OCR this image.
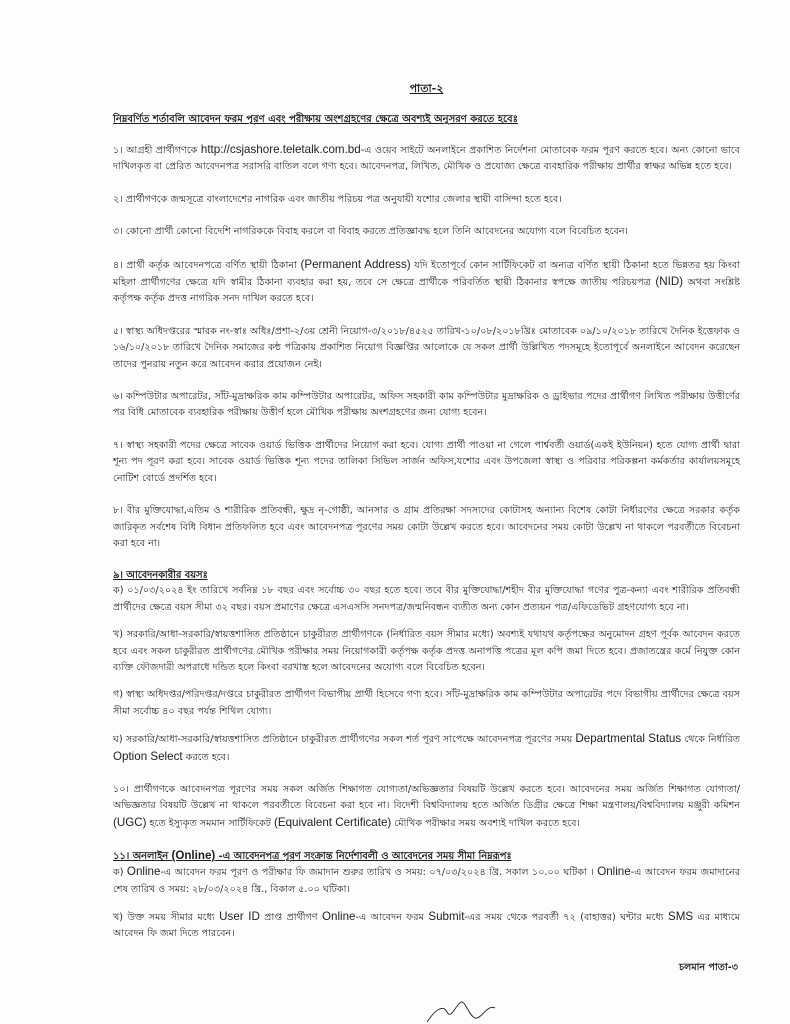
পাতা-২
নিম্নবর্ণিত শর্তাবলি আবেদন ফরম পূরণ এবং পরীক্ষায় অংশগ্রহণের ক্ষেত্রে অবশ্যই অনুসরণ করতে হবেঃ

১। আগ্রহী প্রার্থীগণকে http://csjashore.teletalk.com.bd-এ ওয়েব সাইটে অনলাইনে প্রকাশিত নির্দেশনা মোতাবেক ফরম পূরণ করতে হবে। অন্য কোনো ভাবে দাখিলকৃত বা প্রেরিত আবেদনপত্র সরাসরি বাতিল বলে গণ্য হবে। আবেদনপত্র, লিখিত, মৌখিক ও প্রযোজ্য ক্ষেত্রে ব্যবহারিক পরীক্ষায় প্রার্থীর স্বাক্ষর অভিন্ন হতে হবে।

২। প্রার্থীগণকে জন্মসূত্রে বাংলাদেশের নাগরিক এবং জাতীয় পরিচয় পত্র অনুযায়ী যশোর জেলার স্থায়ী বাসিন্দা হতে হবে।

৩। কোনো প্রার্থী কোনো বিদেশি নাগরিককে বিবাহ করলে বা বিবাহ করতে প্রতিজ্ঞাবদ্ধ হলে তিনি আবেদনের অযোগ্য বলে বিবেচিত হবেন।

৪। প্রার্থী কর্তৃক আবেদনপত্রে বর্ণিত স্থায়ী ঠিকানা (Permanent Address) যদি ইতোপূর্বে কোন সার্টিফিকেট বা অন্যত্র বর্ণিত স্থায়ী ঠিকানা হতে ভিন্নতর হয় কিংবা মহিলা প্রার্থীগণের ক্ষেত্রে যদি স্বামীর ঠিকানা ব্যবহার করা হয়, তবে সে ক্ষেত্রে প্রার্থীকে পরিবর্তিত স্থায়ী ঠিকানার স্বপক্ষে জাতীয় পরিচয়পত্র (NID) অথবা সংশ্লিষ্ট কর্তৃপক্ষ কর্তৃক প্রদত্ত নাগরিক সনদ দাখিল করতে হবে।

৫। স্বাস্থ্য অধিদপ্তরের স্মারক নং-স্বাঃ অধিঃ/প্রশা-২/৩য় শ্রেনী নিয়োগ-৩/২০১৮/৪৫২৫ তারিখ-১০/০৮/২০১৮খ্রিঃ মোতাবেক ০৯/১০/২০১৮ তারিখে দৈনিক ইত্তেফাক ও ১৬/১০/২০১৮ তারিখে দৈনিক সমাজের কন্ঠ পত্রিকায় প্রকাশিত নিয়োগ বিজ্ঞপ্তির আলোকে যে সকল প্রার্থী উল্লিখিত পদসমূহে ইতোপূর্বে অনলাইনে আবেদন করেছেন তাদের পুনরায় নতুন করে আবেদন করার প্রয়োজন নেই।

৬। কম্পিউটার অপারেটর, সাঁট-মুদ্রাক্ষরিক কাম কম্পিউটার অপারেটর, অফিস সহকারী কাম কম্পিউটার মুদ্রাক্ষরিক ও ড্রাইভার পদের প্রার্থীগণ লিখিত পরীক্ষায় উত্তীর্ণের পর বিধি মোতাবেক ব্যবহারিক পরীক্ষায় উত্তীর্ণ হলে মৌখিক পরীক্ষায় অংশগ্রহণের জন্য যোগ্য হবেন।

৭। স্বাস্থ্য সহকারী পদের ক্ষেত্রে সাবেক ওয়ার্ড ভিত্তিক প্রার্থীদের নিয়োগ করা হবে। যোগ্য প্রার্থী পাওয়া না গেলে পার্শ্ববর্তী ওয়ার্ড(একই ইউনিয়ন) হতে যোগ্য প্রার্থী দ্বারা শূন্য পদ পূরণ করা হবে। সাবেক ওয়ার্ড ভিত্তিক শূন্য পদের তালিকা সিভিল সার্জন অফিস,যশোর এবং উপজেলা স্বাস্থ্য ও পরিবার পরিকল্পনা কর্মকর্তার কার্যালয়সমূহে নোটিশ বোর্ডে প্রদর্শিত হবে।

৮। বীর মুক্তিযোদ্ধা,এতিম ও শারীরিক প্রতিবন্ধী, ক্ষুদ্র নৃ-গোষ্ঠী, আনসার ও গ্রাম প্রতিরক্ষা সদস্যদের কোটাসহ অন্যান্য বিশেষ কোটা নির্ধারণের ক্ষেত্রে সরকার কর্তৃক জারিকৃত সর্বশেষ বিধি বিধান প্রতিফলিত হবে এবং আবেদনপত্র পূরণের সময় কোটা উল্লেখ করতে হবে। আবেদনের সময় কোটা উল্লেখ না থাকলে পরবর্তীতে বিবেচনা করা হবে না।

৯। আবেদনকারীর বয়সঃ

ক) ০১/০৩/২০২৪ ইং তারিখে সর্বনিম্ন ১৮ বছর এবং সর্বোচ্চ ৩০ বছর হতে হবে। তবে বীর মুক্তিযোদ্ধা/শহীদ বীর মুক্তিযোদ্ধা গণের পুত্র-কন্যা এবং শারীরিক প্রতিবন্ধী প্রার্থীদের ক্ষেত্রে বয়স সীমা ৩২ বছর। বয়স প্রমাণের ক্ষেত্রে এসএসসি সনদপত্র/জন্মনিবন্ধন ব্যতীত অন্য কোন প্রত্যয়ন পত্র/এফিডেভিট গ্রহণযোগ্য হবে না।

খ) সরকারি/আধা-সরকারি/স্বায়ত্তশাসিত প্রতিষ্ঠানে চাকুরীরত প্রার্থীগণকে (নির্ধারিত বয়স সীমার মধ্যে) অবশ্যই যথাযথ কর্তৃপক্ষের অনুমোদন গ্রহণ পূর্বক আবেদন করতে হবে এবং সকল চাকুরীরত প্রার্থীগণের মৌখিক পরীক্ষার সময় নিয়োগকারী কর্তৃপক্ষ কর্তৃক প্রদত্ত অনাপত্তি পত্রের মূল কপি জমা দিতে হবে। প্রজাতন্ত্রের কর্মে নিযুক্ত কোন ব্যক্তি ফৌজদারী অপরাধে দন্ডিত হলে কিংবা বরখাস্ত হলে আবেদনের অযোগ্য বলে বিবেচিত হবেন।

গ) স্বাস্থ্য অধিদপ্তর/পরিদপ্তর/দপ্তরে চাকুরীরত প্রার্থীগণ বিভাগীয় প্রার্থী হিসেবে গণ্য হবে। সাঁট-মুদ্রাক্ষরিক কাম কম্পিউটার অপারেটর পদে বিভাগীয় প্রার্থীদের ক্ষেত্রে বয়স সীমা সর্বোচ্চ ৪০ বছর পর্যন্ত শিথিল যোগ্য।

ঘ) সরকারি/আধা-সরকারি/স্বায়ত্তশাসিত প্রতিষ্ঠানে চাকুরীরত প্রার্থীগণের সকল শর্ত পূরণ সাপেক্ষে আবেদনপত্র পূরণের সময় Departmental Status থেকে নির্ধারিত Option Select করতে হবে।

১০। প্রার্থীগণকে আবেদনপত্র পূরণের সময় সকল অর্জিত শিক্ষাগত যোগ্যতা/অভিজ্ঞতার বিষয়টি উল্লেখ করতে হবে। আবেদনের সময় অর্জিত শিক্ষাগত যোগ্যতা/অভিজ্ঞতার বিষয়টি উল্লেখ না থাকলে পরবর্তীতে বিবেচনা করা হবে না। বিদেশী বিশ্ববিদ্যালয় হতে অর্জিত ডিগ্রীর ক্ষেত্রে শিক্ষা মন্ত্রণালয়/বিশ্ববিদ্যালয় মঞ্জুরী কমিশন (UGC) হতে ইস্যুকৃত সমমান সার্টিফিকেট (Equivalent Certificate) মৌখিক পরীক্ষার সময় অবশ্যই দাখিল করতে হবে।

১১। অনলাইন (Online) -এ আবেদনপত্র পূরণ সংক্রান্ত নির্দেশাবলী ও আবেদনের সময় সীমা নিম্নরূপঃ

ক) Online-এ আবেদন ফরম পূরণ ও পরীক্ষার ফি জমাদান শুরুর তারিখ ও সময়: ০৭/০৩/২০২৪ খ্রি. সকাল ১০.০০ ঘটিকা । Online-এ আবেদন ফরম জমাদানের শেষ তারিখ ও সময়: ২৮/০৩/২০২৪ খ্রি., বিকাল ৫.০০ ঘটিকা।

খ) উক্ত সময় সীমার মধ্যে User ID প্রাপ্ত প্রার্থীগণ Online-এ আবেদন ফরম Submit-এর সময় থেকে পরবর্তী ৭২ (বাহাত্তর) ঘন্টার মধ্যে SMS এর মাধ্যমে আবেদন ফি জমা দিতে পারবেন।

চলমান পাতা-৩
